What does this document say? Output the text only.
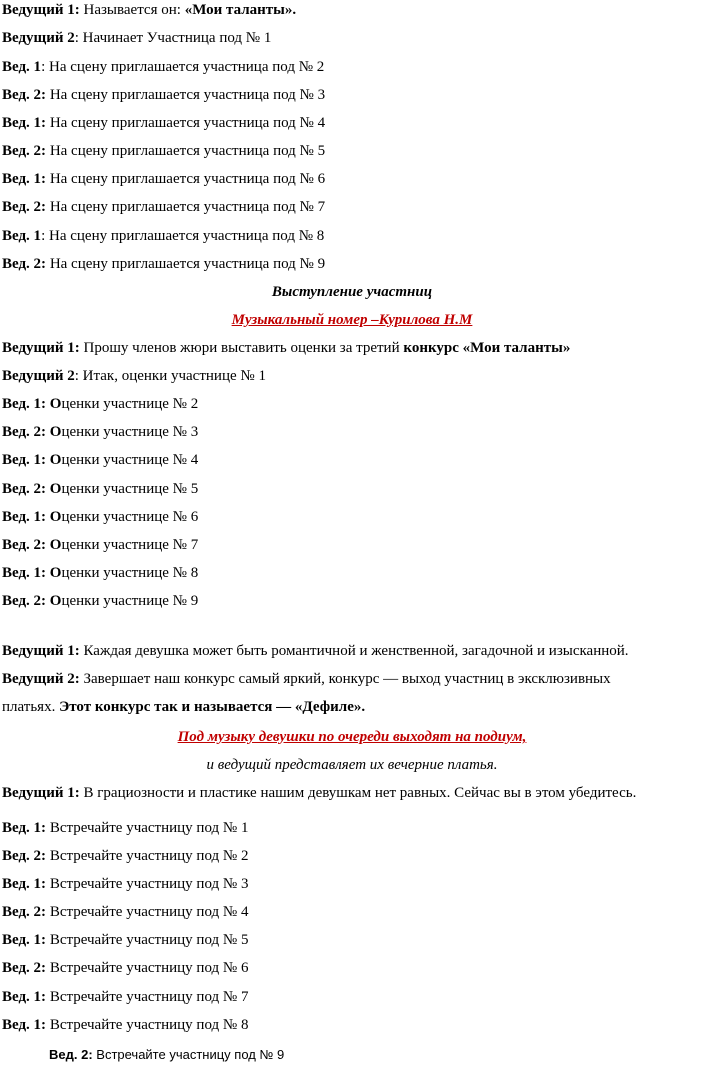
Ведущий 1: Называется он: «Мои таланты».
Ведущий 2: Начинает Участница под № 1
Вед. 1: На сцену приглашается участница под № 2
Вед. 2: На сцену приглашается участница под № 3
Вед. 1: На сцену приглашается участница под № 4
Вед. 2: На сцену приглашается участница под № 5
Вед. 1: На сцену приглашается участница под № 6
Вед. 2: На сцену приглашается участница под № 7
Вед. 1: На сцену приглашается участница под № 8
Вед. 2: На сцену приглашается участница под № 9
Выступление участниц
Музыкальный номер –Курилова Н.М
Ведущий 1: Прошу членов жюри выставить оценки за третий конкурс «Мои таланты»
Ведущий 2: Итак, оценки участнице № 1
Вед. 1: Оценки участнице № 2
Вед. 2: Оценки участнице № 3
Вед. 1: Оценки участнице № 4
Вед. 2: Оценки участнице № 5
Вед. 1: Оценки участнице № 6
Вед. 2: Оценки участнице № 7
Вед. 1: Оценки участнице № 8
Вед. 2: Оценки участнице № 9
Ведущий 1: Каждая девушка может быть романтичной и женственной, загадочной и изысканной.
Ведущий 2: Завершает наш конкурс самый яркий, конкурс — выход участниц в эксклюзивных
платьях. Этот конкурс так и называется — «Дефиле».
Под музыку девушки по очереди выходят на подиум,
и ведущий представляет их вечерние платья.
Ведущий 1: В грациозности и пластике нашим девушкам нет равных. Сейчас вы в этом убедитесь.
Вед. 1: Встречайте участницу под № 1
Вед. 2: Встречайте участницу под № 2
Вед. 1: Встречайте участницу под № 3
Вед. 2: Встречайте участницу под № 4
Вед. 1: Встречайте участницу под № 5
Вед. 2: Встречайте участницу под № 6
Вед. 1: Встречайте участницу под № 7
Вед. 1: Встречайте участницу под № 8
Вед. 2: Встречайте участницу под № 9
